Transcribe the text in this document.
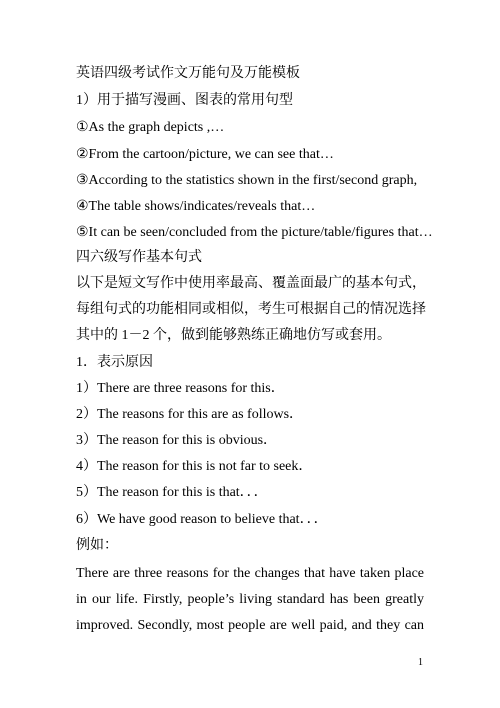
英语四级考试作文万能句及万能模板
1）用于描写漫画、图表的常用句型
①As the graph depicts ,…
②From the cartoon/picture, we can see that…
③According to the statistics shown in the first/second graph,
④The table shows/indicates/reveals that…
⑤It can be seen/concluded from the picture/table/figures that…
四六级写作基本句式
以下是短文写作中使用率最高、覆盖面最广的基本句式，
每组句式的功能相同或相似，考生可根据自己的情况选择
其中的 1－2 个，做到能够熟练正确地仿写或套用。
1．表示原因
1）There are three reasons for this．
2）The reasons for this are as follows．
3）The reason for this is obvious．
4）The reason for this is not far to seek．
5）The reason for this is that．．．
6）We have good reason to believe that．．．
例如：
There are three reasons for the changes that have taken place in our life. Firstly, people’s living standard has been greatly improved. Secondly, most people are well paid, and they can
1
